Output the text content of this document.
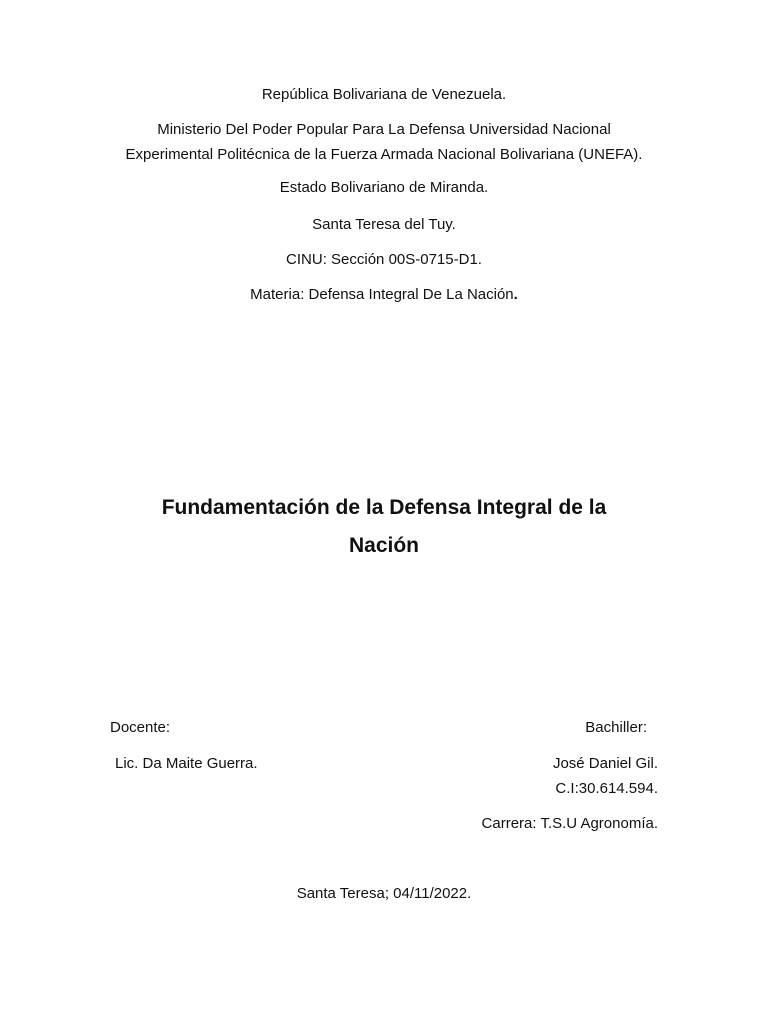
República Bolivariana de Venezuela.
Ministerio Del Poder Popular Para La Defensa Universidad Nacional
Experimental Politécnica de la Fuerza Armada Nacional Bolivariana (UNEFA).
Estado Bolivariano de Miranda.
Santa Teresa del Tuy.
CINU: Sección 00S-0715-D1.
Materia: Defensa Integral De La Nación.
Fundamentación de la Defensa Integral de la
Nación
Docente:
Lic. Da Maite Guerra.
Bachiller:
José Daniel Gil.
C.I:30.614.594.
Carrera: T.S.U Agronomía.
Santa Teresa; 04/11/2022.
